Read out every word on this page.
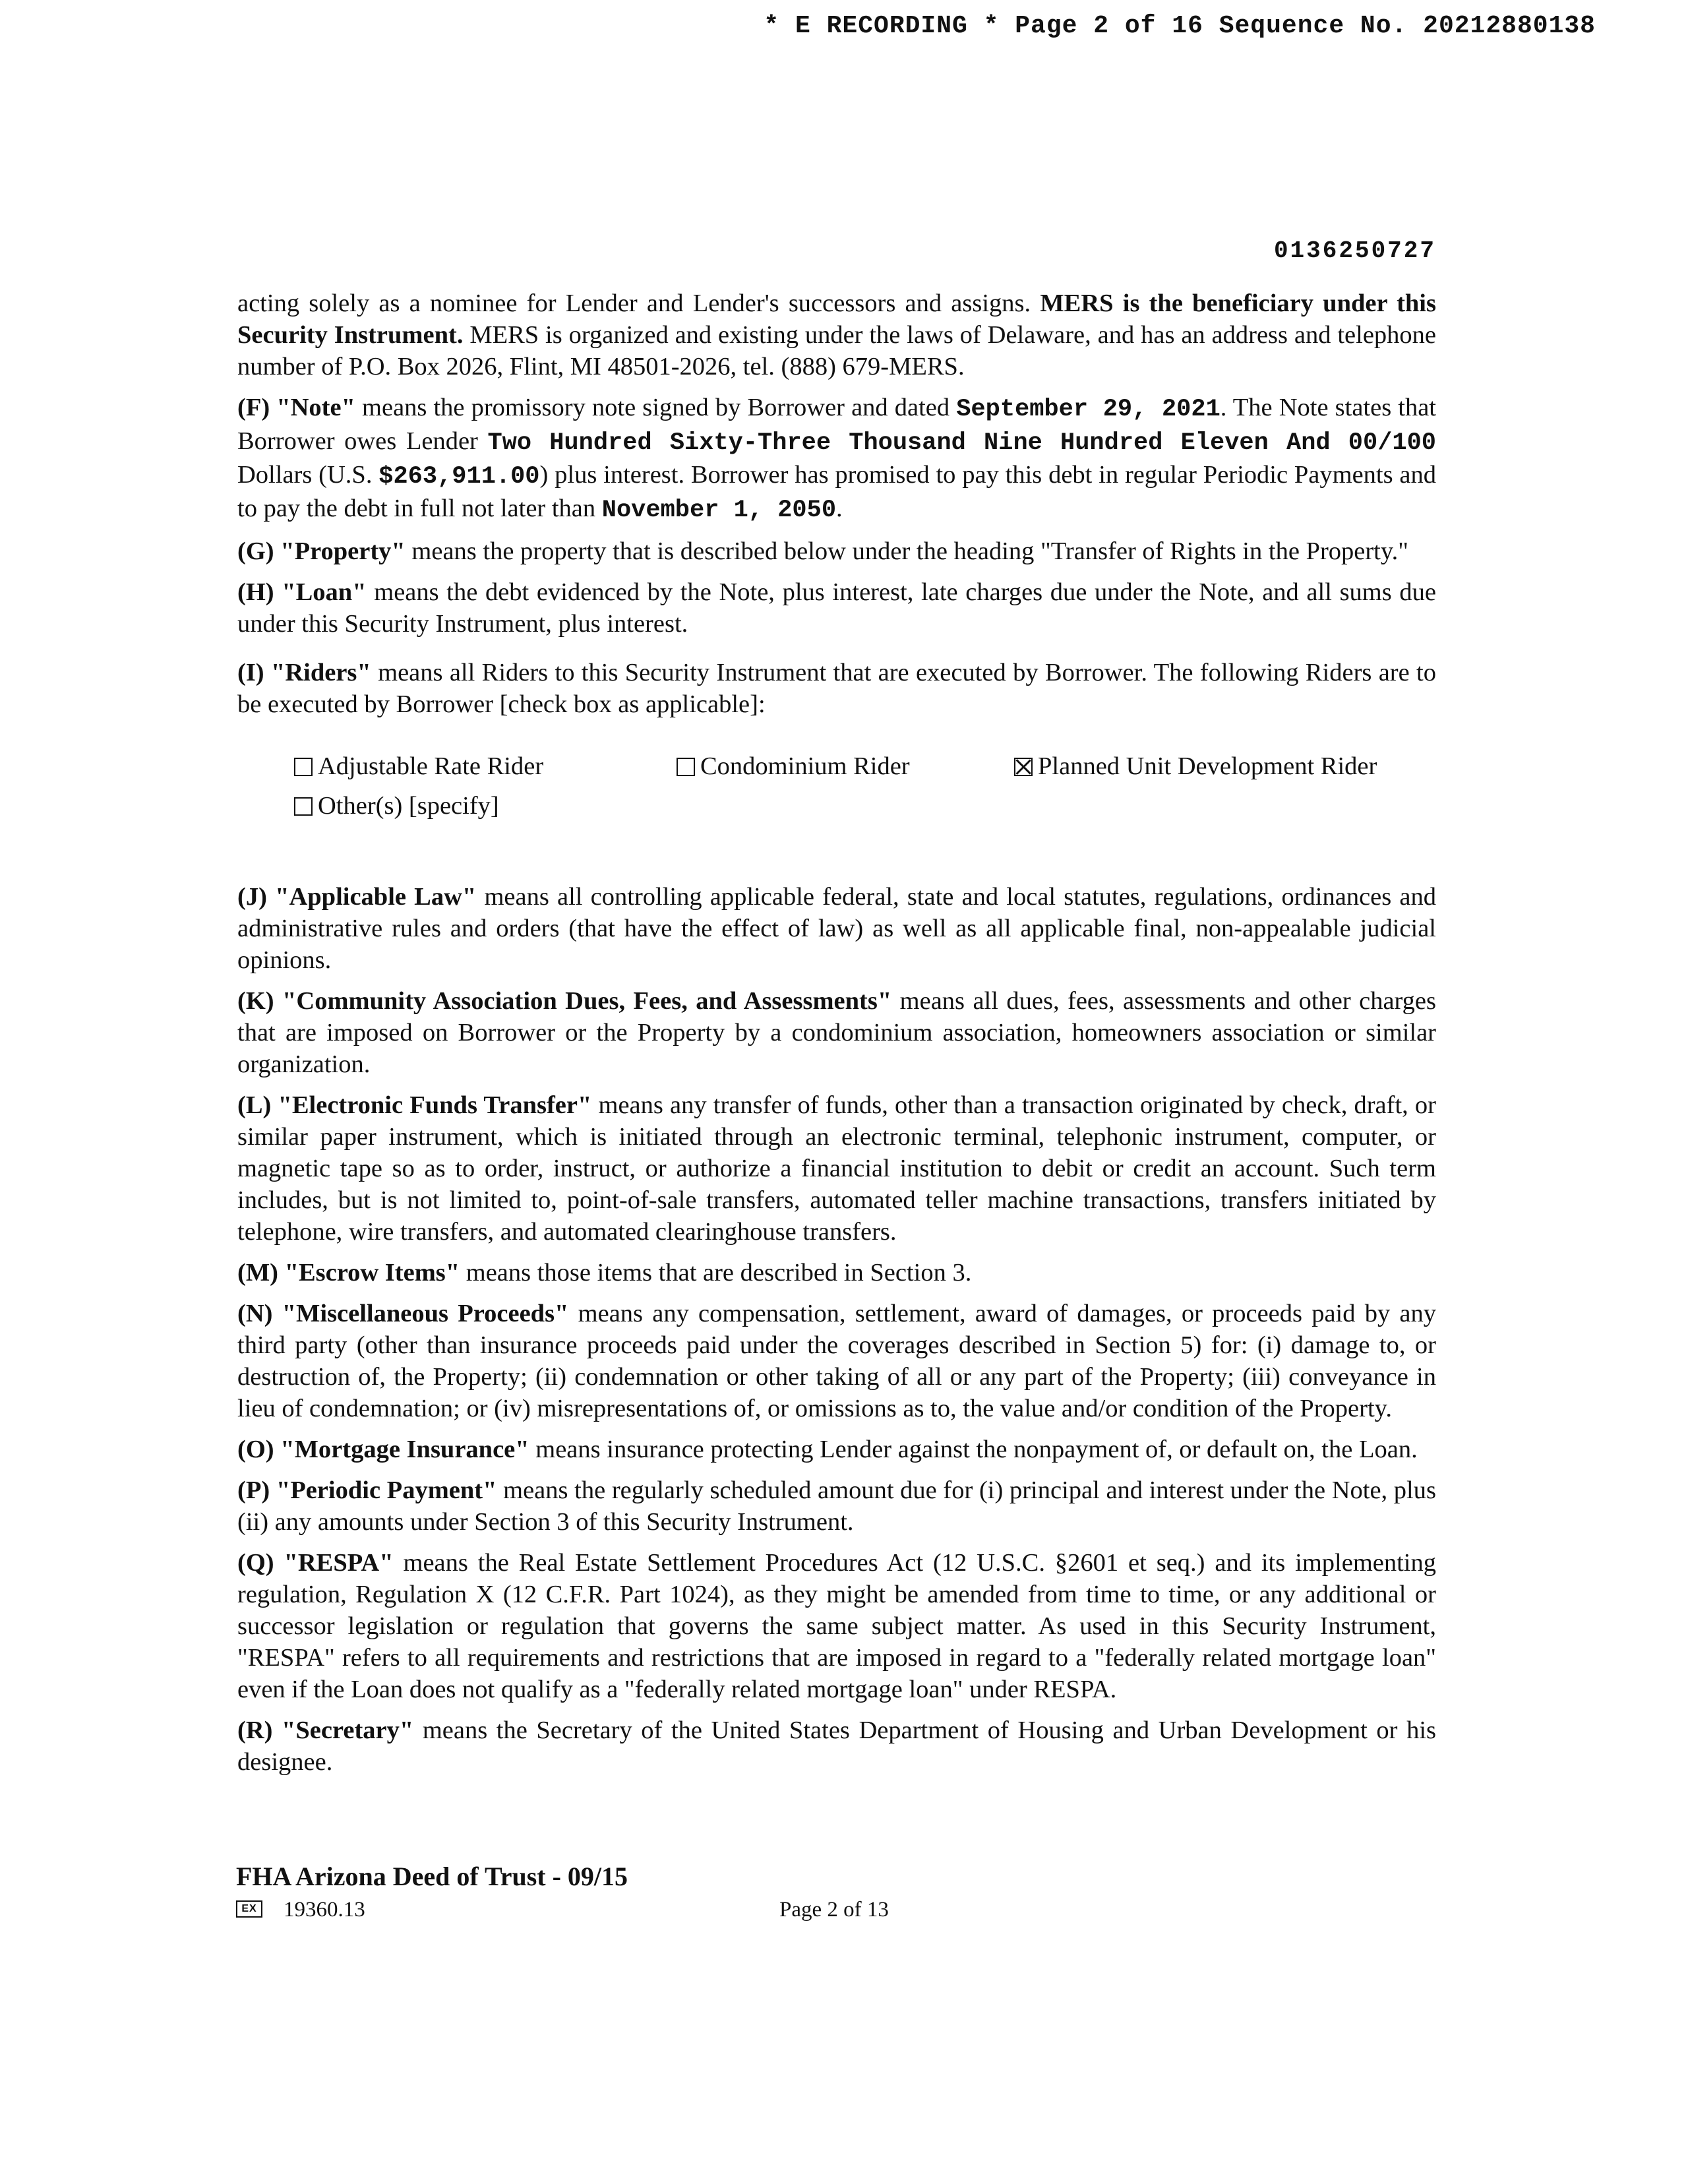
* E RECORDING * Page 2 of 16 Sequence No. 20212880138
0136250727

acting solely as a nominee for Lender and Lender's successors and assigns. MERS is the beneficiary under this Security Instrument. MERS is organized and existing under the laws of Delaware, and has an address and telephone number of P.O. Box 2026, Flint, MI 48501-2026, tel. (888) 679-MERS.

(F) "Note" means the promissory note signed by Borrower and dated September 29, 2021. The Note states that Borrower owes Lender Two Hundred Sixty-Three Thousand Nine Hundred Eleven And 00/100 Dollars (U.S. $263,911.00) plus interest. Borrower has promised to pay this debt in regular Periodic Payments and to pay the debt in full not later than November 1, 2050.

(G) "Property" means the property that is described below under the heading "Transfer of Rights in the Property."

(H) "Loan" means the debt evidenced by the Note, plus interest, late charges due under the Note, and all sums due under this Security Instrument, plus interest.

(I) "Riders" means all Riders to this Security Instrument that are executed by Borrower. The following Riders are to be executed by Borrower [check box as applicable]:

Adjustable Rate Rider	Condominium Rider	Planned Unit Development Rider
Other(s) [specify]

(J) "Applicable Law" means all controlling applicable federal, state and local statutes, regulations, ordinances and administrative rules and orders (that have the effect of law) as well as all applicable final, non-appealable judicial opinions.

(K) "Community Association Dues, Fees, and Assessments" means all dues, fees, assessments and other charges that are imposed on Borrower or the Property by a condominium association, homeowners association or similar organization.

(L) "Electronic Funds Transfer" means any transfer of funds, other than a transaction originated by check, draft, or similar paper instrument, which is initiated through an electronic terminal, telephonic instrument, computer, or magnetic tape so as to order, instruct, or authorize a financial institution to debit or credit an account. Such term includes, but is not limited to, point-of-sale transfers, automated teller machine transactions, transfers initiated by telephone, wire transfers, and automated clearinghouse transfers.

(M) "Escrow Items" means those items that are described in Section 3.

(N) "Miscellaneous Proceeds" means any compensation, settlement, award of damages, or proceeds paid by any third party (other than insurance proceeds paid under the coverages described in Section 5) for: (i) damage to, or destruction of, the Property; (ii) condemnation or other taking of all or any part of the Property; (iii) conveyance in lieu of condemnation; or (iv) misrepresentations of, or omissions as to, the value and/or condition of the Property.

(O) "Mortgage Insurance" means insurance protecting Lender against the nonpayment of, or default on, the Loan.

(P) "Periodic Payment" means the regularly scheduled amount due for (i) principal and interest under the Note, plus (ii) any amounts under Section 3 of this Security Instrument.

(Q) "RESPA" means the Real Estate Settlement Procedures Act (12 U.S.C. §2601 et seq.) and its implementing regulation, Regulation X (12 C.F.R. Part 1024), as they might be amended from time to time, or any additional or successor legislation or regulation that governs the same subject matter. As used in this Security Instrument, "RESPA" refers to all requirements and restrictions that are imposed in regard to a "federally related mortgage loan" even if the Loan does not qualify as a "federally related mortgage loan" under RESPA.

(R) "Secretary" means the Secretary of the United States Department of Housing and Urban Development or his designee.

FHA Arizona Deed of Trust - 09/15
EX 19360.13	Page 2 of 13
